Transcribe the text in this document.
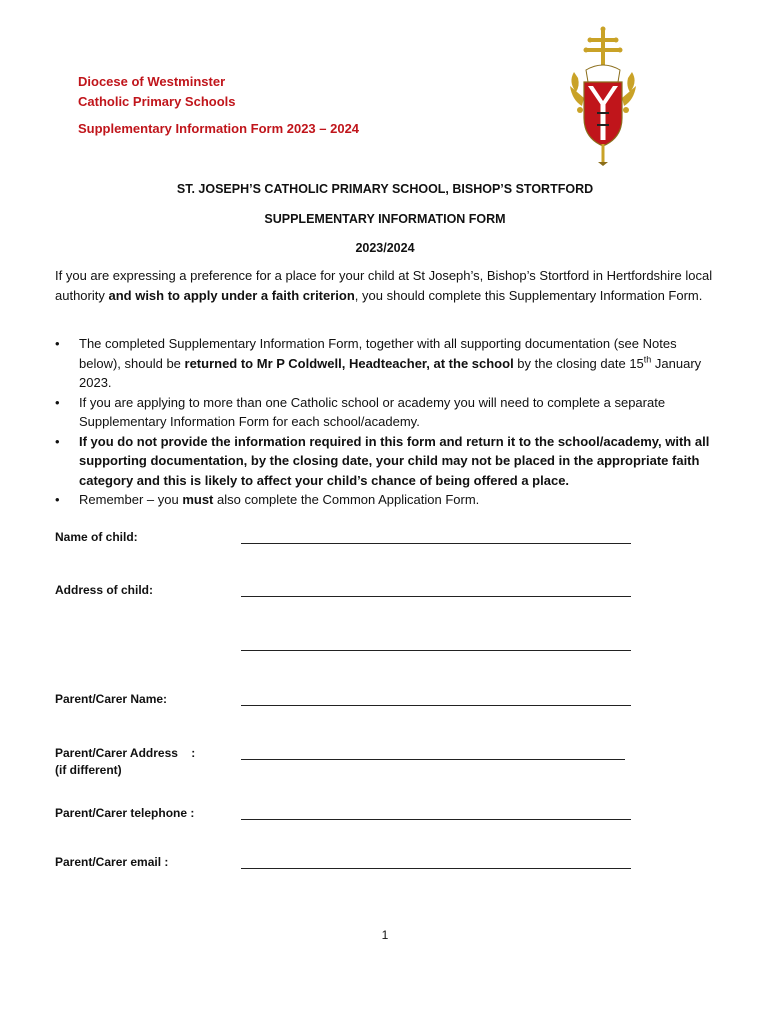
Diocese of Westminster
Catholic Primary Schools
Supplementary Information Form 2023 – 2024
ST. JOSEPH’S CATHOLIC PRIMARY SCHOOL, BISHOP’S STORTFORD
SUPPLEMENTARY INFORMATION FORM
2023/2024
If you are expressing a preference for a place for your child at St Joseph’s, Bishop’s Stortford in Hertfordshire local authority and wish to apply under a faith criterion, you should complete this Supplementary Information Form.
•	The completed Supplementary Information Form, together with all supporting documentation (see Notes below), should be returned to Mr P Coldwell, Headteacher, at the school by the closing date 15th January 2023.
•	If you are applying to more than one Catholic school or academy you will need to complete a separate Supplementary Information Form for each school/academy.
•	If you do not provide the information required in this form and return it to the school/academy, with all supporting documentation, by the closing date, your child may not be placed in the appropriate faith category and this is likely to affect your child’s chance of being offered a place.
•	Remember – you must also complete the Common Application Form.
Name of child:
Address of child:
Parent/Carer Name:
Parent/Carer Address    :
(if different)
Parent/Carer telephone :
Parent/Carer email :
1
